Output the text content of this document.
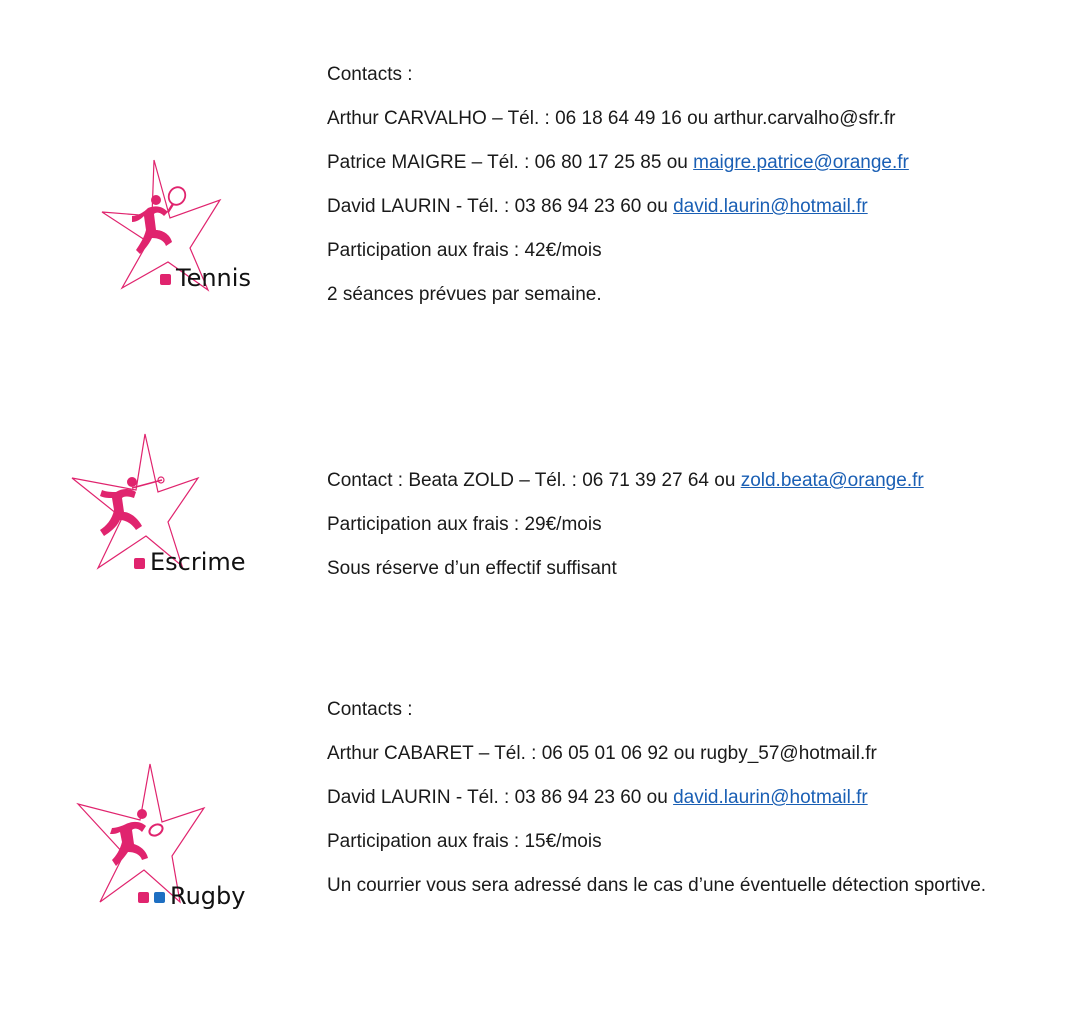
Tennis
Contacts :
Arthur CARVALHO – Tél. : 06 18 64 49 16 ou arthur.carvalho@sfr.fr
Patrice MAIGRE – Tél. : 06 80 17 25 85 ou maigre.patrice@orange.fr
David LAURIN - Tél. : 03 86 94 23 60 ou david.laurin@hotmail.fr
Participation aux frais : 42€/mois
2 séances prévues par semaine.
Escrime
Contact : Beata ZOLD – Tél. : 06 71 39 27 64 ou zold.beata@orange.fr
Participation aux frais : 29€/mois
Sous réserve d’un effectif suffisant
Rugby
Contacts :
Arthur CABARET – Tél. : 06 05 01 06 92 ou rugby_57@hotmail.fr
David LAURIN - Tél. : 03 86 94 23 60 ou david.laurin@hotmail.fr
Participation aux frais : 15€/mois
Un courrier vous sera adressé dans le cas d’une éventuelle détection sportive.
